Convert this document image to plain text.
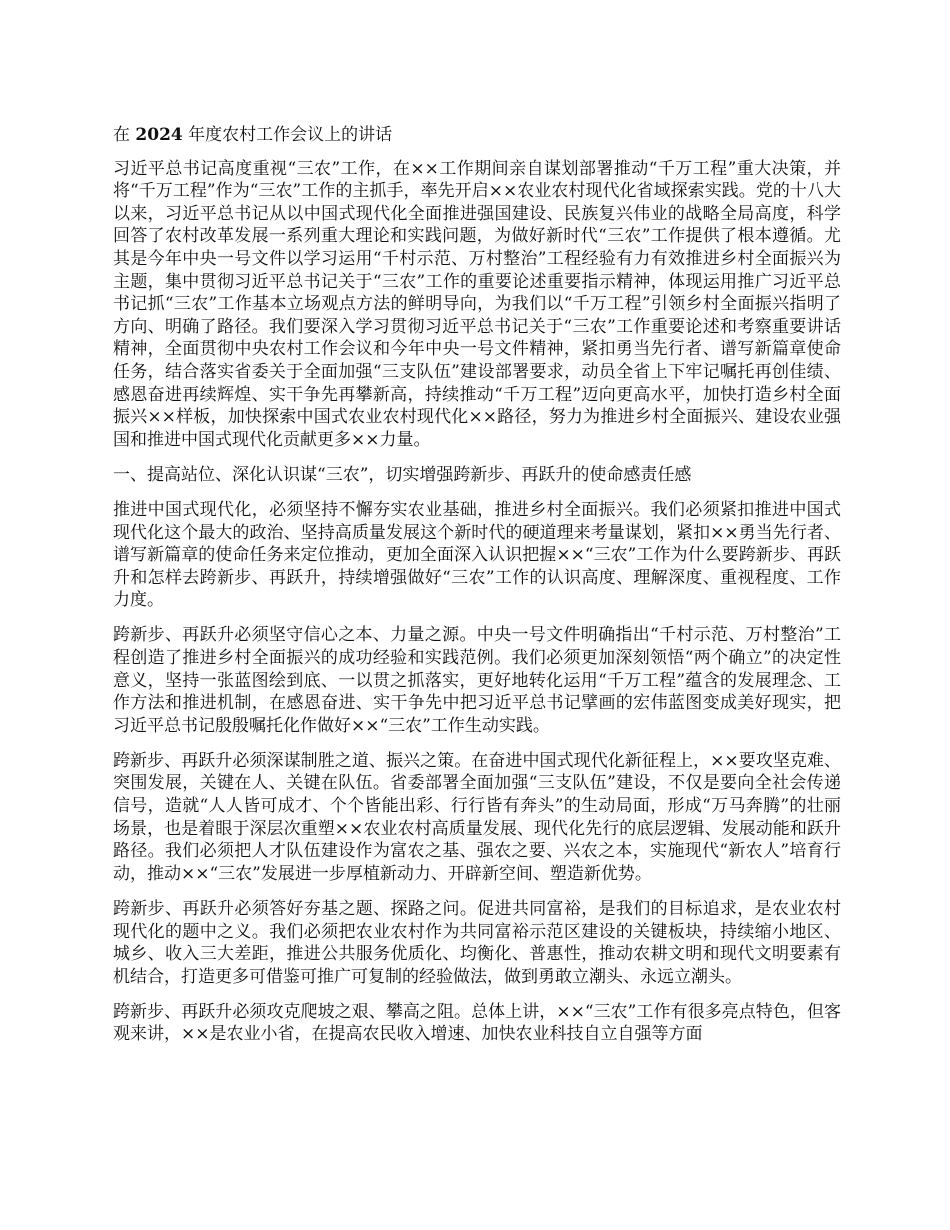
在 2024 年度农村工作会议上的讲话

习近平总书记高度重视“三农”工作，在××工作期间亲自谋划部署推动“千万工程”重大决策，并将“千万工程”作为“三农”工作的主抓手，率先开启××农业农村现代化省域探索实践。党的十八大以来，习近平总书记从以中国式现代化全面推进强国建设、民族复兴伟业的战略全局高度，科学回答了农村改革发展一系列重大理论和实践问题，为做好新时代“三农”工作提供了根本遵循。尤其是今年中央一号文件以学习运用“千村示范、万村整治”工程经验有力有效推进乡村全面振兴为主题，集中贯彻习近平总书记关于“三农”工作的重要论述重要指示精神，体现运用推广习近平总书记抓“三农”工作基本立场观点方法的鲜明导向，为我们以“千万工程”引领乡村全面振兴指明了方向、明确了路径。我们要深入学习贯彻习近平总书记关于“三农”工作重要论述和考察重要讲话精神，全面贯彻中央农村工作会议和今年中央一号文件精神，紧扣勇当先行者、谱写新篇章使命任务，结合落实省委关于全面加强“三支队伍”建设部署要求，动员全省上下牢记嘱托再创佳绩、感恩奋进再续辉煌、实干争先再攀新高，持续推动“千万工程”迈向更高水平，加快打造乡村全面振兴××样板，加快探索中国式农业农村现代化××路径，努力为推进乡村全面振兴、建设农业强国和推进中国式现代化贡献更多××力量。

一、提高站位、深化认识谋“三农”，切实增强跨新步、再跃升的使命感责任感

推进中国式现代化，必须坚持不懈夯实农业基础，推进乡村全面振兴。我们必须紧扣推进中国式现代化这个最大的政治、坚持高质量发展这个新时代的硬道理来考量谋划，紧扣××勇当先行者、谱写新篇章的使命任务来定位推动，更加全面深入认识把握××“三农”工作为什么要跨新步、再跃升和怎样去跨新步、再跃升，持续增强做好“三农”工作的认识高度、理解深度、重视程度、工作力度。

跨新步、再跃升必须坚守信心之本、力量之源。中央一号文件明确指出“千村示范、万村整治”工程创造了推进乡村全面振兴的成功经验和实践范例。我们必须更加深刻领悟“两个确立”的决定性意义，坚持一张蓝图绘到底、一以贯之抓落实，更好地转化运用“千万工程”蕴含的发展理念、工作方法和推进机制，在感恩奋进、实干争先中把习近平总书记擘画的宏伟蓝图变成美好现实，把习近平总书记殷殷嘱托化作做好××“三农”工作生动实践。

跨新步、再跃升必须深谋制胜之道、振兴之策。在奋进中国式现代化新征程上，××要攻坚克难、突围发展，关键在人、关键在队伍。省委部署全面加强“三支队伍”建设，不仅是要向全社会传递信号，造就“人人皆可成才、个个皆能出彩、行行皆有奔头”的生动局面，形成“万马奔腾”的壮丽场景，也是着眼于深层次重塑××农业农村高质量发展、现代化先行的底层逻辑、发展动能和跃升路径。我们必须把人才队伍建设作为富农之基、强农之要、兴农之本，实施现代“新农人”培育行动，推动××“三农”发展进一步厚植新动力、开辟新空间、塑造新优势。

跨新步、再跃升必须答好夯基之题、探路之问。促进共同富裕，是我们的目标追求，是农业农村现代化的题中之义。我们必须把农业农村作为共同富裕示范区建设的关键板块，持续缩小地区、城乡、收入三大差距，推进公共服务优质化、均衡化、普惠性，推动农耕文明和现代文明要素有机结合，打造更多可借鉴可推广可复制的经验做法，做到勇敢立潮头、永远立潮头。

跨新步、再跃升必须攻克爬坡之艰、攀高之阻。总体上讲，××“三农”工作有很多亮点特色，但客观来讲，××是农业小省，在提高农民收入增速、加快农业科技自立自强等方面
